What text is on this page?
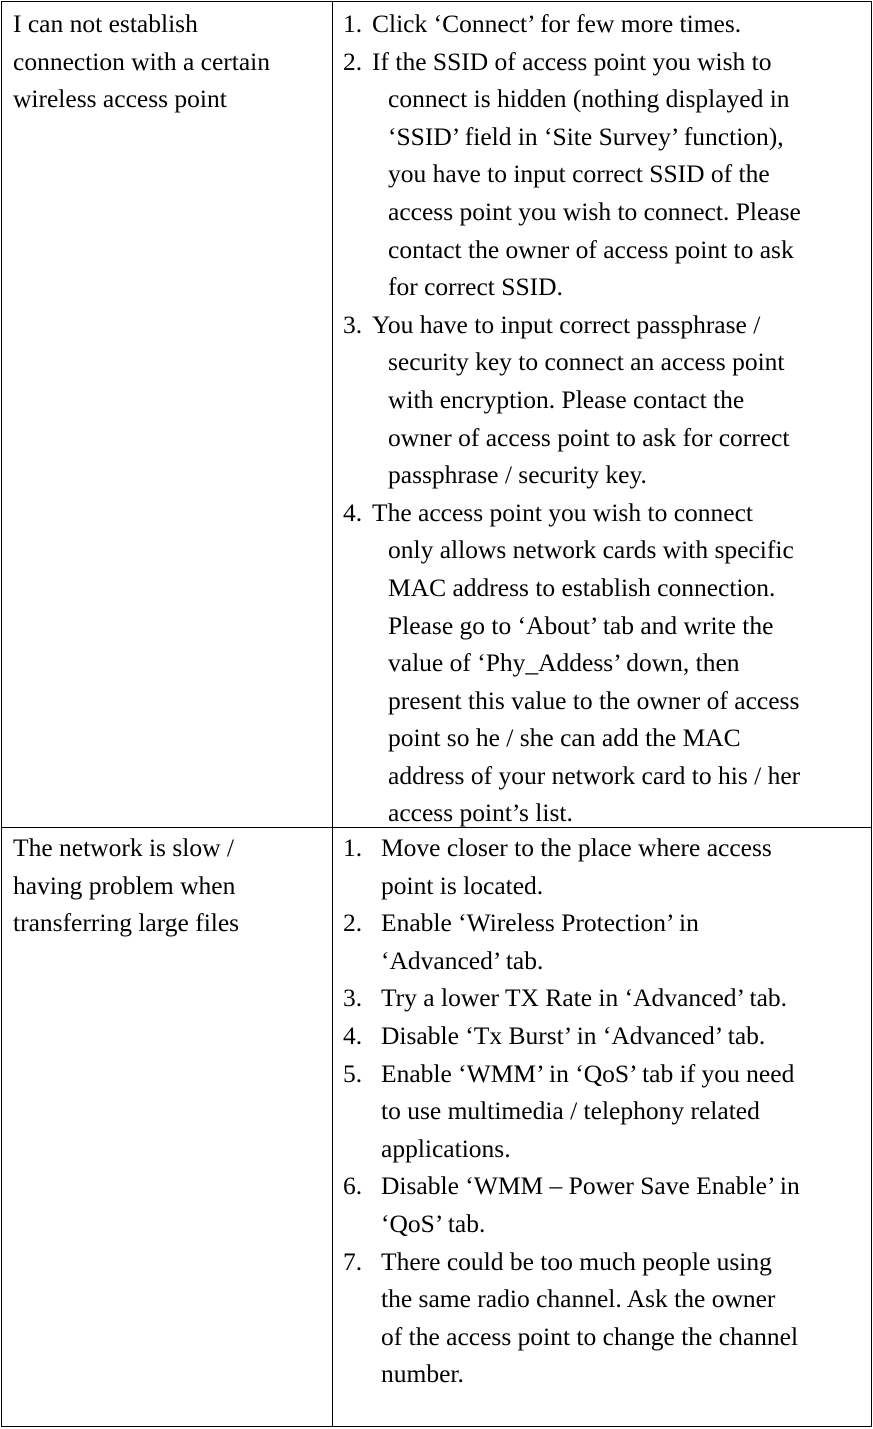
I can not establish
connection with a certain
wireless access point
1. Click ‘Connect’ for few more times.
2. If the SSID of access point you wish to
connect is hidden (nothing displayed in
‘SSID’ field in ‘Site Survey’ function),
you have to input correct SSID of the
access point you wish to connect. Please
contact the owner of access point to ask
for correct SSID.
3. You have to input correct passphrase /
security key to connect an access point
with encryption. Please contact the
owner of access point to ask for correct
passphrase / security key.
4. The access point you wish to connect
only allows network cards with specific
MAC address to establish connection.
Please go to ‘About’ tab and write the
value of ‘Phy_Addess’ down, then
present this value to the owner of access
point so he / she can add the MAC
address of your network card to his / her
access point’s list.
The network is slow /
having problem when
transferring large files
1. Move closer to the place where access
point is located.
2. Enable ‘Wireless Protection’ in
‘Advanced’ tab.
3. Try a lower TX Rate in ‘Advanced’ tab.
4. Disable ‘Tx Burst’ in ‘Advanced’ tab.
5. Enable ‘WMM’ in ‘QoS’ tab if you need
to use multimedia / telephony related
applications.
6. Disable ‘WMM – Power Save Enable’ in
‘QoS’ tab.
7. There could be too much people using
the same radio channel. Ask the owner
of the access point to change the channel
number.
